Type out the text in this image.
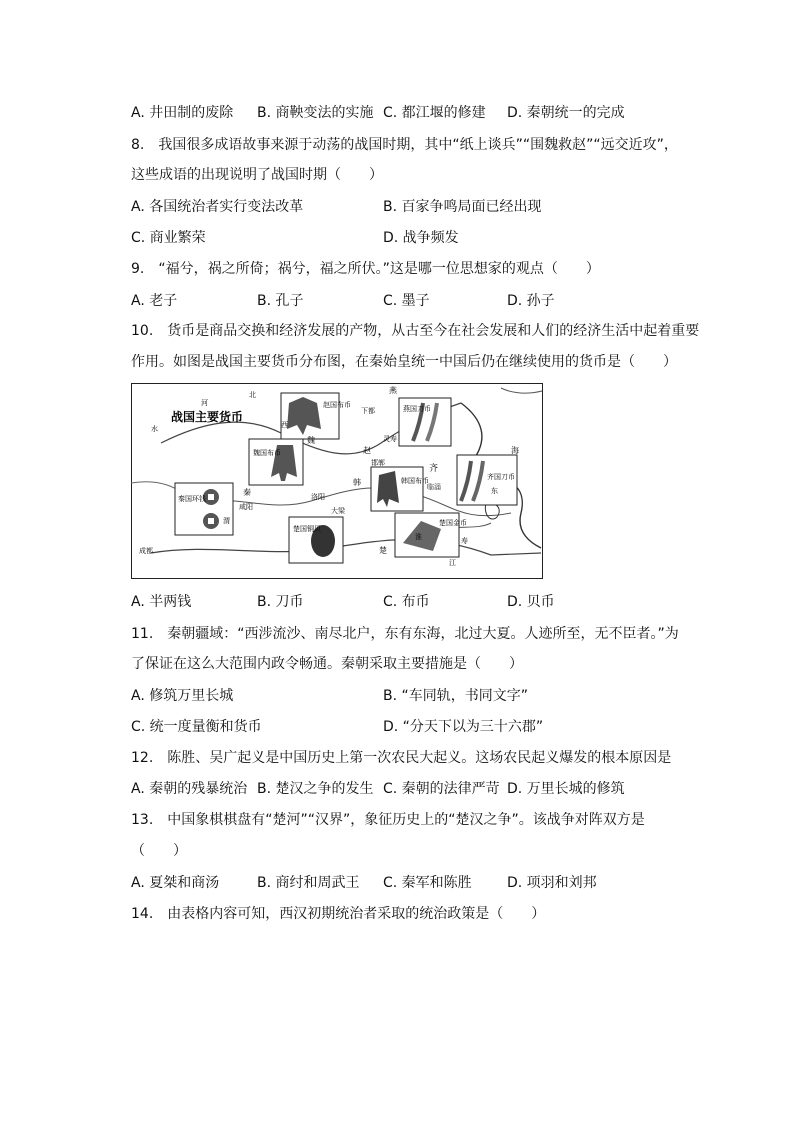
A. 井田制的废除 B. 商鞅变法的实施 C. 都江堰的修建 D. 秦朝统一的完成
8.　我国很多成语故事来源于动荡的战国时期，其中“纸上谈兵”“围魏救赵”“远交近攻”，
这些成语的出现说明了战国时期（　　）
A. 各国统治者实行变法改革	B. 百家争鸣局面已经出现
C. 商业繁荣	D. 战争频发
9.　“福兮，祸之所倚；祸兮，福之所伏。”这是哪一位思想家的观点（　　）
A. 老子	B. 孔子	C. 墨子	D. 孙子
10.　货币是商品交换和经济发展的产物，从古至今在社会发展和人们的经济生活中起着重要
作用。如图是战国主要货币分布图，在秦始皇统一中国后仍在继续使用的货币是（　　）
战国主要货币
赵国布币	燕国刀币
魏国布币
韩国布币	齐国刀币
秦国环钱
楚国铜贝
楚国金币
燕
赵
齐
魏
韩
秦
楚
下都
临淄
邯郸
洛阳
咸阳
成都
寿
河
江
淮
海
水
北
西
东
渭
灵寿
大梁
A. 半两钱	B. 刀币	C. 布币	D. 贝币
11.　秦朝疆域：“西涉流沙、南尽北户，东有东海，北过大夏。人迹所至，无不臣者。”为
了保证在这么大范围内政令畅通。秦朝采取主要措施是（　　）
A. 修筑万里长城	B. “车同轨，书同文字”
C. 统一度量衡和货币	D. “分天下以为三十六郡”
12.　陈胜、吴广起义是中国历史上第一次农民大起义。这场农民起义爆发的根本原因是
A. 秦朝的残暴统治 B. 楚汉之争的发生 C. 秦朝的法律严苛 D. 万里长城的修筑
13.　中国象棋棋盘有“楚河”“汉界”，象征历史上的“楚汉之争”。该战争对阵双方是
（　　）
A. 夏桀和商汤	B. 商纣和周武王 C. 秦军和陈胜	D. 项羽和刘邦
14.　由表格内容可知，西汉初期统治者采取的统治政策是（　　）
